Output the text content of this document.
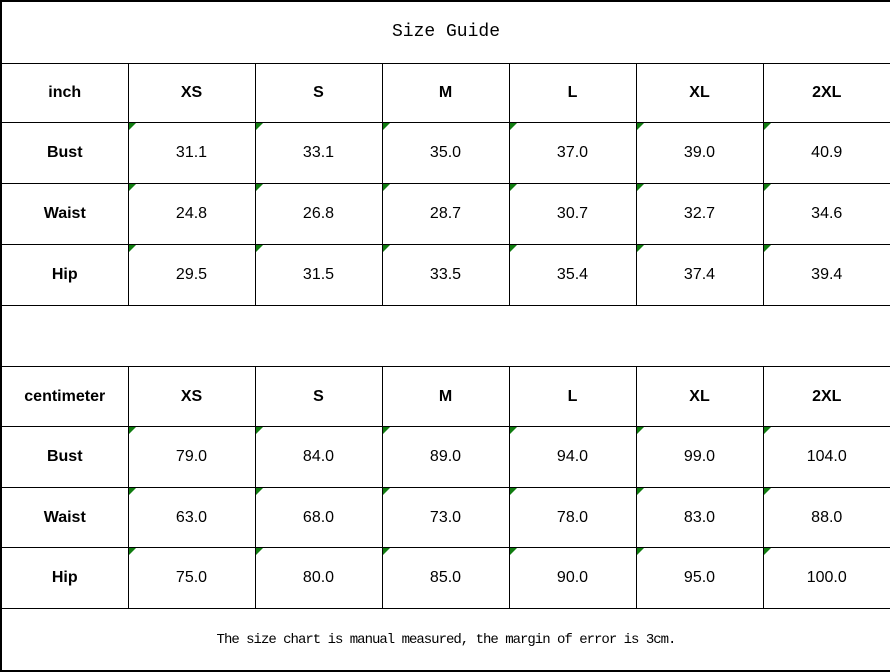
Size Guide						
inch	XS	S	M	L	XL	2XL
Bust	31.1	33.1	35.0	37.0	39.0	40.9
Waist	24.8	26.8	28.7	30.7	32.7	34.6
Hip	29.5	31.5	33.5	35.4	37.4	39.4

centimeter	XS	S	M	L	XL	2XL
Bust	79.0	84.0	89.0	94.0	99.0	104.0
Waist	63.0	68.0	73.0	78.0	83.0	88.0
Hip	75.0	80.0	85.0	90.0	95.0	100.0
The size chart is manual measured, the margin of error is 3cm.						
